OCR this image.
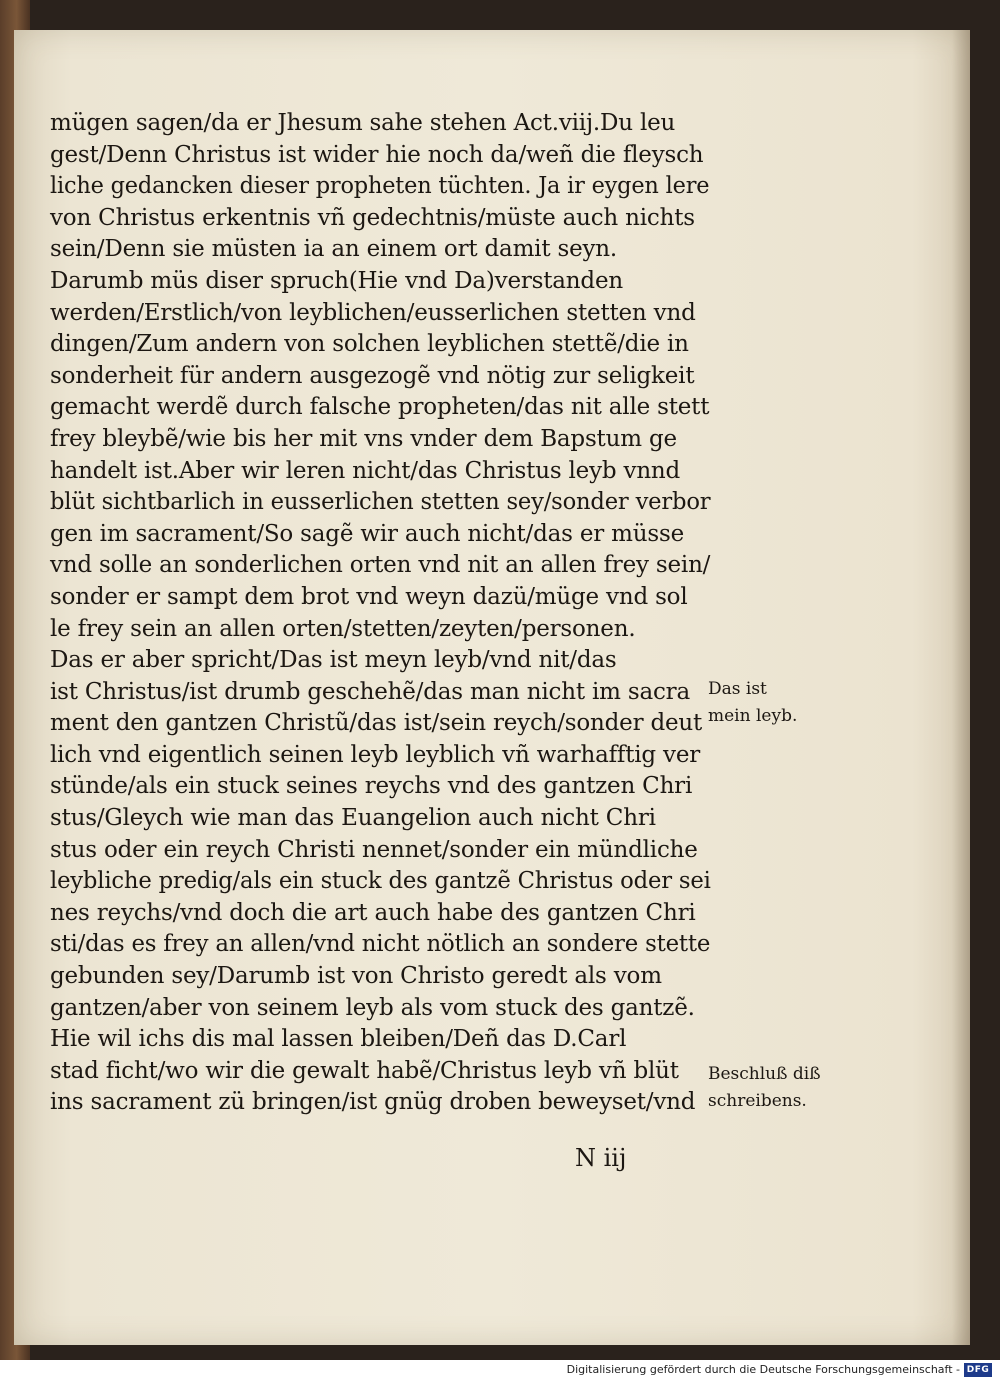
mügen sagen/da er Jhesum sahe stehen Act.viij.Du leu
gest/Denn Christus ist wider hie noch da/weñ die fleysch
liche gedancken dieser propheten tüchten. Ja ir eygen lere
von Christus erkentnis vñ gedechtnis/müste auch nichts
sein/Denn sie müsten ia an einem ort damit seyn.
Darumb müs diser spruch(Hie vnd Da)verstanden
werden/Erstlich/von leyblichen/eusserlichen stetten vnd
dingen/Zum andern von solchen leyblichen stettẽ/die in
sonderheit für andern ausgezogẽ vnd nötig zur seligkeit
gemacht werdẽ durch falsche propheten/das nit alle stett
frey bleybẽ/wie bis her mit vns vnder dem Bapstum ge
handelt ist.Aber wir leren nicht/das Christus leyb vnnd
blüt sichtbarlich in eusserlichen stetten sey/sonder verbor
gen im sacrament/So sagẽ wir auch nicht/das er müsse
vnd solle an sonderlichen orten vnd nit an allen frey sein/
sonder er sampt dem brot vnd weyn dazü/müge vnd sol
le frey sein an allen orten/stetten/zeyten/personen.
Das er aber spricht/Das ist meyn leyb/vnd nit/das
ist Christus/ist drumb geschehẽ/das man nicht im sacra
ment den gantzen Christũ/das ist/sein reych/sonder deut
lich vnd eigentlich seinen leyb leyblich vñ warhafftig ver
stünde/als ein stuck seines reychs vnd des gantzen Chri
stus/Gleych wie man das Euangelion auch nicht Chri
stus oder ein reych Christi nennet/sonder ein mündliche
leybliche predig/als ein stuck des gantzẽ Christus oder sei
nes reychs/vnd doch die art auch habe des gantzen Chri
sti/das es frey an allen/vnd nicht nötlich an sondere stette
gebunden sey/Darumb ist von Christo geredt als vom
gantzen/aber von seinem leyb als vom stuck des gantzẽ.
Hie wil ichs dis mal lassen bleiben/Deñ das D.Carl
stad ficht/wo wir die gewalt habẽ/Christus leyb vñ blüt
ins sacrament zü bringen/ist gnüg droben beweyset/vnd
Das ist
mein leyb.
Beschluß diß
schreibens.
N iij
Digitalisierung gefördert durch die Deutsche Forschungsgemeinschaft - DFG
